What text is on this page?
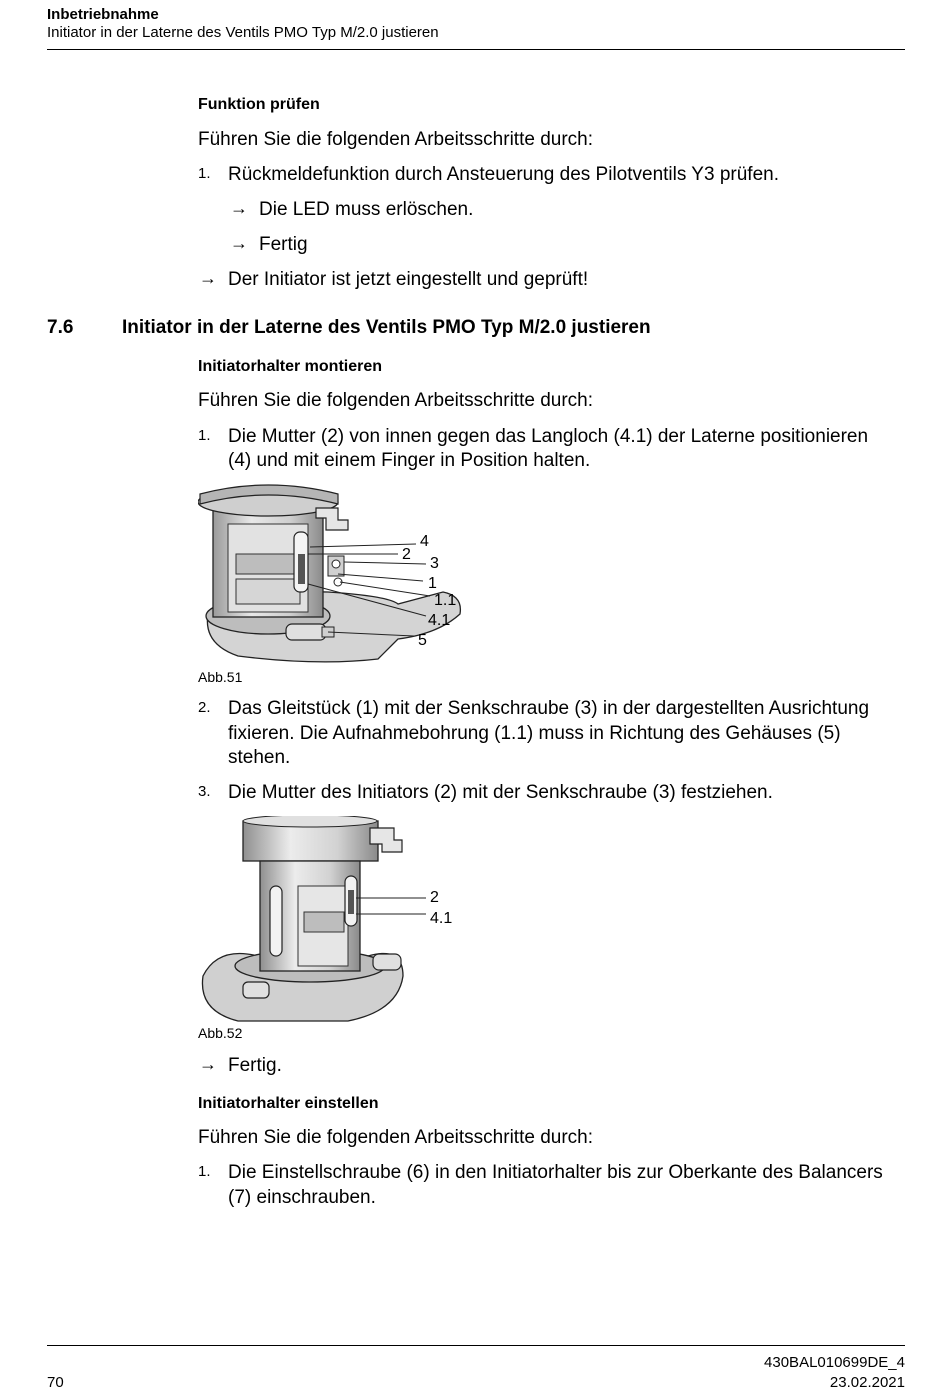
Inbetriebnahme
Initiator in der Laterne des Ventils PMO Typ M/2.0 justieren
Funktion prüfen
Führen Sie die folgenden Arbeitsschritte durch:
1. Rückmeldefunktion durch Ansteuerung des Pilotventils Y3 prüfen.
→ Die LED muss erlöschen.
→ Fertig
→ Der Initiator ist jetzt eingestellt und geprüft!
7.6	Initiator in der Laterne des Ventils PMO Typ M/2.0 justieren
Initiatorhalter montieren
Führen Sie die folgenden Arbeitsschritte durch:
1. Die Mutter (2) von innen gegen das Langloch (4.1) der Laterne positionieren
(4) und mit einem Finger in Position halten.
4
2
3
1
1.1
4.1
5
Abb.51
2. Das Gleitstück (1) mit der Senkschraube (3) in der dargestellten Ausrichtung
fixieren. Die Aufnahmebohrung (1.1) muss in Richtung des Gehäuses (5)
stehen.
3. Die Mutter des Initiators (2) mit der Senkschraube (3) festziehen.
2
4.1
Abb.52
→ Fertig.
Initiatorhalter einstellen
Führen Sie die folgenden Arbeitsschritte durch:
1. Die Einstellschraube (6) in den Initiatorhalter bis zur Oberkante des Balancers
(7) einschrauben.
430BAL010699DE_4
70	23.02.2021
